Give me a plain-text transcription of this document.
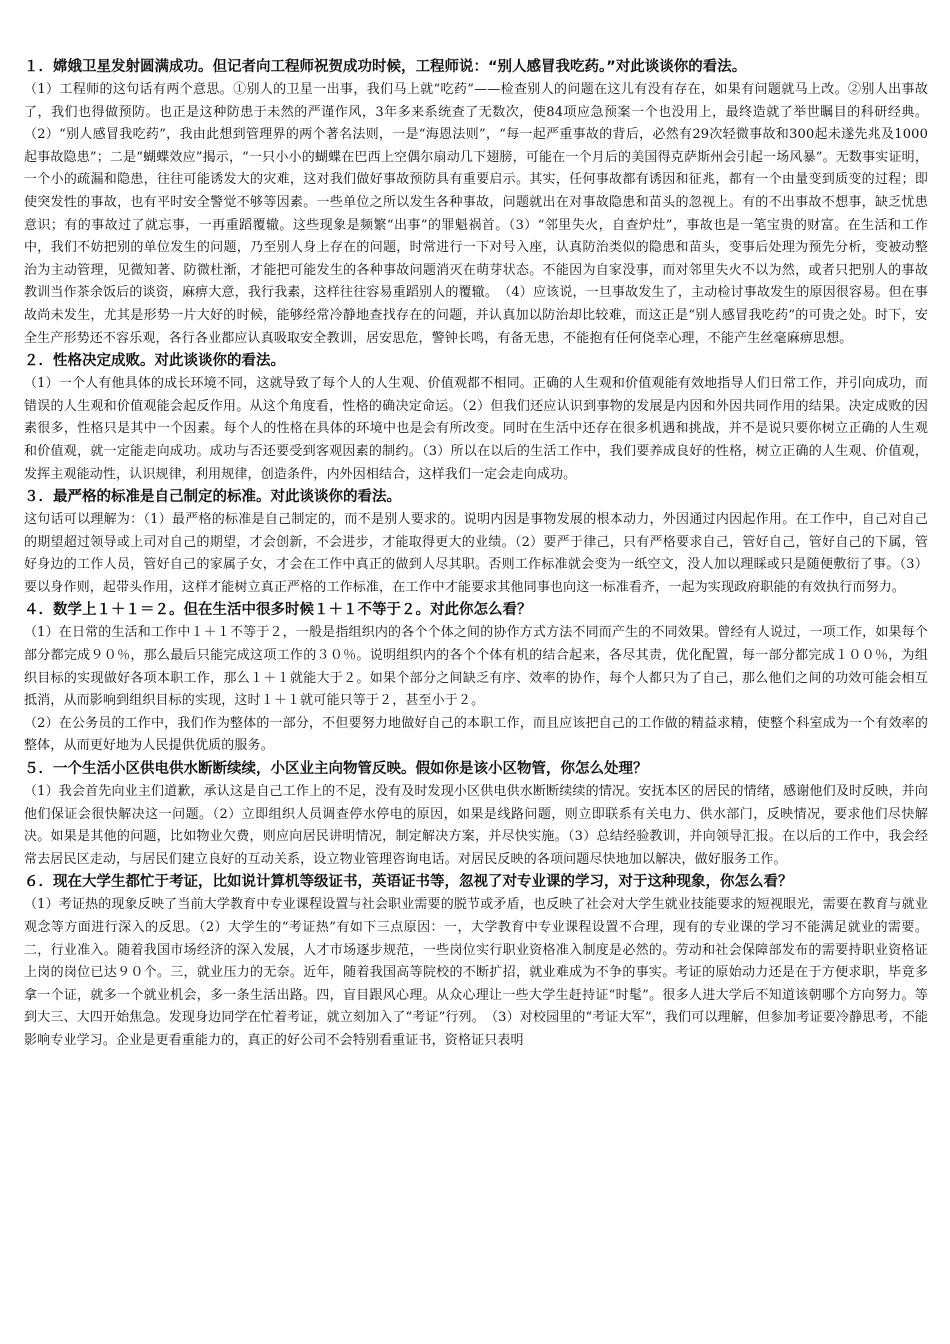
１．嫦娥卫星发射圆满成功。但记者向工程师祝贺成功时候，工程师说：“别人感冒我吃药。”对此谈谈你的看法。

（1）工程师的这句话有两个意思。①别人的卫星一出事，我们马上就“吃药”——检查别人的问题在这儿有没有存在，如果有问题就马上改。②别人出事故了，我们也得做预防。也正是这种防患于未然的严谨作风，3年多来系统查了无数次，使84项应急预案一个也没用上，最终造就了举世瞩目的科研经典。（2）“别人感冒我吃药”，我由此想到管理界的两个著名法则，一是“海恩法则”，“每一起严重事故的背后，必然有29次轻微事故和300起未遂先兆及1000起事故隐患”；二是“蝴蝶效应”揭示，“一只小小的蝴蝶在巴西上空偶尔扇动几下翅膀，可能在一个月后的美国得克萨斯州会引起一场风暴”。无数事实证明，一个小的疏漏和隐患，往往可能诱发大的灾难，这对我们做好事故预防具有重要启示。其实，任何事故都有诱因和征兆，都有一个由量变到质变的过程；即使突发性的事故，也有平时安全警觉不够等因素。一些单位之所以发生各种事故，问题就出在对事故隐患和苗头的忽视上。有的不出事故不想事，缺乏忧患意识；有的事故过了就忘事，一再重蹈覆辙。这些现象是频繁“出事”的罪魁祸首。（3）“邻里失火，自查炉灶”，事故也是一笔宝贵的财富。在生活和工作中，我们不妨把别的单位发生的问题，乃至别人身上存在的问题，时常进行一下对号入座，认真防治类似的隐患和苗头，变事后处理为预先分析，变被动整治为主动管理，见微知著、防微杜渐，才能把可能发生的各种事故问题消灭在萌芽状态。不能因为自家没事，而对邻里失火不以为然，或者只把别人的事故教训当作茶余饭后的谈资，麻痹大意，我行我素，这样往往容易重蹈别人的覆辙。　（4）应该说，一旦事故发生了，主动检讨事故发生的原因很容易。但在事故尚未发生，尤其是形势一片大好的时候，能够经常冷静地查找存在的问题，并认真加以防治却比较难，而这正是“别人感冒我吃药”的可贵之处。时下，安全生产形势还不容乐观，各行各业都应认真吸取安全教训，居安思危，警钟长鸣，有备无患，不能抱有任何侥幸心理，不能产生丝毫麻痹思想。

２．性格决定成败。对此谈谈你的看法。

（1）一个人有他具体的成长环境不同，这就导致了每个人的人生观、价值观都不相同。正确的人生观和价值观能有效地指导人们日常工作，并引向成功，而错误的人生观和价值观能会起反作用。从这个角度看，性格的确决定命运。（2）但我们还应认识到事物的发展是内因和外因共同作用的结果。决定成败的因素很多，性格只是其中一个因素。每个人的性格在具体的环境中也是会有所改变。同时在生活中还存在很多机遇和挑战，并不是说只要你树立正确的人生观和价值观，就一定能走向成功。成功与否还要受到客观因素的制约。（3）所以在以后的生活工作中，我们要养成良好的性格，树立正确的人生观、价值观，发挥主观能动性，认识规律，利用规律，创造条件，内外因相结合，这样我们一定会走向成功。

３．最严格的标准是自己制定的标准。对此谈谈你的看法。

这句话可以理解为：（1）最严格的标准是自己制定的，而不是别人要求的。说明内因是事物发展的根本动力，外因通过内因起作用。在工作中，自己对自己的期望超过领导或上司对自己的期望，才会创新，不会进步，才能取得更大的业绩。（2）要严于律己，只有严格要求自己，管好自己，管好自己的下属，管好身边的工作人员，管好自己的家属子女，才会在工作中真正的做到人尽其职。否则工作标准就会变为一纸空文，没人加以理睬或只是随便敷衍了事。（3）要以身作则，起带头作用，这样才能树立真正严格的工作标准，在工作中才能要求其他同事也向这一标准看齐，一起为实现政府职能的有效执行而努力。

４．数学上１＋１＝２。但在生活中很多时候１＋１不等于２。对此你怎么看？

（1）在日常的生活和工作中１＋１不等于２，一般是指组织内的各个个体之间的协作方式方法不同而产生的不同效果。曾经有人说过，一项工作，如果每个部分都完成９０％，那么最后只能完成这项工作的３０％。说明组织内的各个个体有机的结合起来，各尽其责，优化配置，每一部分都完成１００％，为组织目标的实现做好各项本职工作，那么１＋１就能大于２。如果个部分之间缺乏有序、效率的协作，每个人都只为了自己，那么他们之间的功效可能会相互抵消，从而影响到组织目标的实现，这时１＋１就可能只等于２，甚至小于２。

（2）在公务员的工作中，我们作为整体的一部分，不但要努力地做好自己的本职工作，而且应该把自己的工作做的精益求精，使整个科室成为一个有效率的整体，从而更好地为人民提供优质的服务。

５．一个生活小区供电供水断断续续，小区业主向物管反映。假如你是该小区物管，你怎么处理？

（1）我会首先向业主们道歉，承认这是自己工作上的不足，没有及时发现小区供电供水断断续续的情况。安抚本区的居民的情绪，感谢他们及时反映，并向他们保证会很快解决这一问题。（2）立即组织人员调查停水停电的原因，如果是线路问题，则立即联系有关电力、供水部门，反映情况，要求他们尽快解决。如果是其他的问题，比如物业欠费，则应向居民讲明情况，制定解决方案，并尽快实施。（3）总结经验教训，并向领导汇报。在以后的工作中，我会经常去居民区走动，与居民们建立良好的互动关系，设立物业管理咨询电话。对居民反映的各项问题尽快地加以解决，做好服务工作。

６．现在大学生都忙于考证，比如说计算机等级证书，英语证书等，忽视了对专业课的学习，对于这种现象，你怎么看？

（1）考证热的现象反映了当前大学教育中专业课程设置与社会职业需要的脱节或矛盾，也反映了社会对大学生就业技能要求的短视眼光，需要在教育与就业观念等方面进行深入的反思。（2）大学生的“考证热”有如下三点原因：一，大学教育中专业课程设置不合理，现有的专业课的学习不能满足就业的需要。二，行业准入。随着我国市场经济的深入发展，人才市场逐步规范，一些岗位实行职业资格准入制度是必然的。劳动和社会保障部发布的需要持职业资格证上岗的岗位已达９０个。三，就业压力的无奈。近年，随着我国高等院校的不断扩招，就业难成为不争的事实。考证的原始动力还是在于方便求职，毕竟多拿一个证，就多一个就业机会，多一条生活出路。四，盲目跟风心理。从众心理让一些大学生赶持证“时髦”。很多人进大学后不知道该朝哪个方向努力。等到大三、大四开始焦急。发现身边同学在忙着考证，就立刻加入了“考证”行列。　（3）对校园里的“考证大军”，我们可以理解，但参加考证要冷静思考，不能影响专业学习。企业是更看重能力的，真正的好公司不会特别看重证书，资格证只表明
